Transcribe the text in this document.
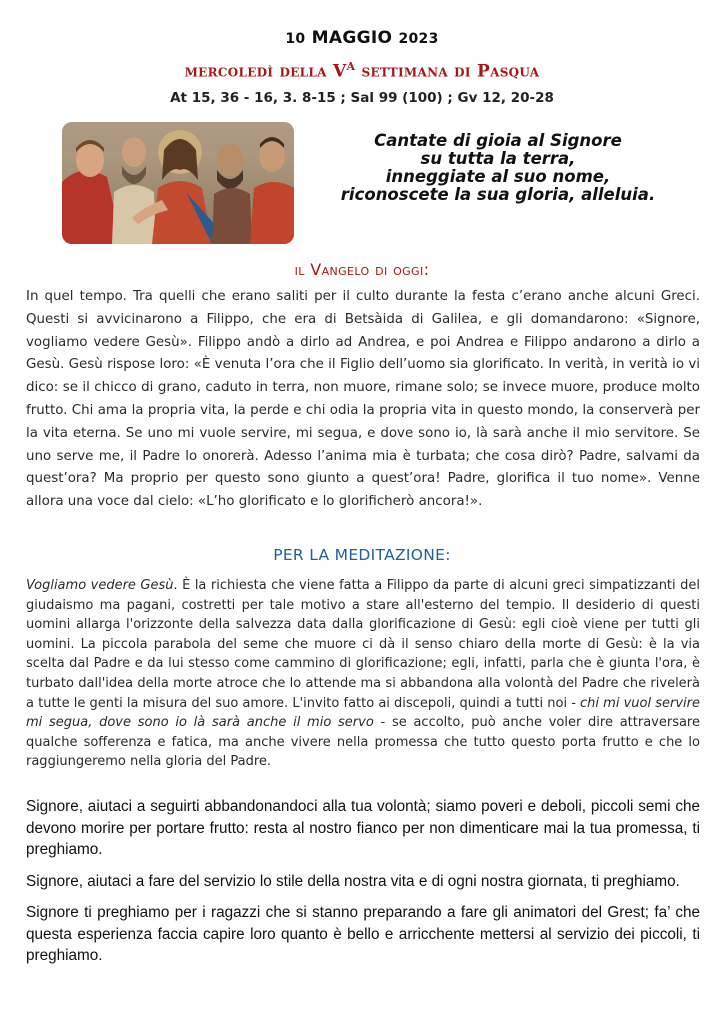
10 MAGGIO 2023
mercoledì della $V^A$ settimana di Pasqua
At 15, 36 - 16, 3. 8-15 ; Sal 99 (100) ; Gv 12, 20-28
Cantate di gioia al Signore
su tutta la terra,
inneggiate al suo nome,
riconoscete la sua gloria, alleluia.
il Vangelo di oggi:

In quel tempo. Tra quelli che erano saliti per il culto durante la festa c’erano anche alcuni Greci. Questi si avvicinarono a Filippo, che era di Betsàida di Galilea, e gli domandarono: «Signore, vogliamo vedere Gesù». Filippo andò a dirlo ad Andrea, e poi Andrea e Filippo andarono a dirlo a Gesù. Gesù rispose loro: «È venuta l’ora che il Figlio dell’uomo sia glorificato. In verità, in verità io vi dico: se il chicco di grano, caduto in terra, non muore, rimane solo; se invece muore, produce molto frutto. Chi ama la propria vita, la perde e chi odia la propria vita in questo mondo, la conserverà per la vita eterna. Se uno mi vuole servire, mi segua, e dove sono io, là sarà anche il mio servitore. Se uno serve me, il Padre lo onorerà. Adesso l’anima mia è turbata; che cosa dirò? Padre, salvami da quest’ora? Ma proprio per questo sono giunto a quest’ora! Padre, glorifica il tuo nome». Venne allora una voce dal cielo: «L’ho glorificato e lo glorificherò ancora!».

PER LA MEDITAZIONE:

Vogliamo vedere Gesù. È la richiesta che viene fatta a Filippo da parte di alcuni greci simpatizzanti del giudaismo ma pagani, costretti per tale motivo a stare all'esterno del tempio. Il desiderio di questi uomini allarga l'orizzonte della salvezza data dalla glorificazione di Gesù: egli cioè viene per tutti gli uomini. La piccola parabola del seme che muore ci dà il senso chiaro della morte di Gesù: è la via scelta dal Padre e da lui stesso come cammino di glorificazione; egli, infatti, parla che è giunta l'ora, è turbato dall'idea della morte atroce che lo attende ma si abbandona alla volontà del Padre che rivelerà a tutte le genti la misura del suo amore. L'invito fatto ai discepoli, quindi a tutti noi - chi mi vuol servire mi segua, dove sono io là sarà anche il mio servo - se accolto, può anche voler dire attraversare qualche sofferenza e fatica, ma anche vivere nella promessa che tutto questo porta frutto e che lo raggiungeremo nella gloria del Padre.

Signore, aiutaci a seguirti abbandonandoci alla tua volontà; siamo poveri e deboli, piccoli semi che devono morire per portare frutto: resta al nostro fianco per non dimenticare mai la tua promessa, ti preghiamo.

Signore, aiutaci a fare del servizio lo stile della nostra vita e di ogni nostra giornata, ti preghiamo.

Signore ti preghiamo per i ragazzi che si stanno preparando a fare gli animatori del Grest; fa’ che questa esperienza faccia capire loro quanto è bello e arricchente mettersi al servizio dei piccoli, ti preghiamo.
